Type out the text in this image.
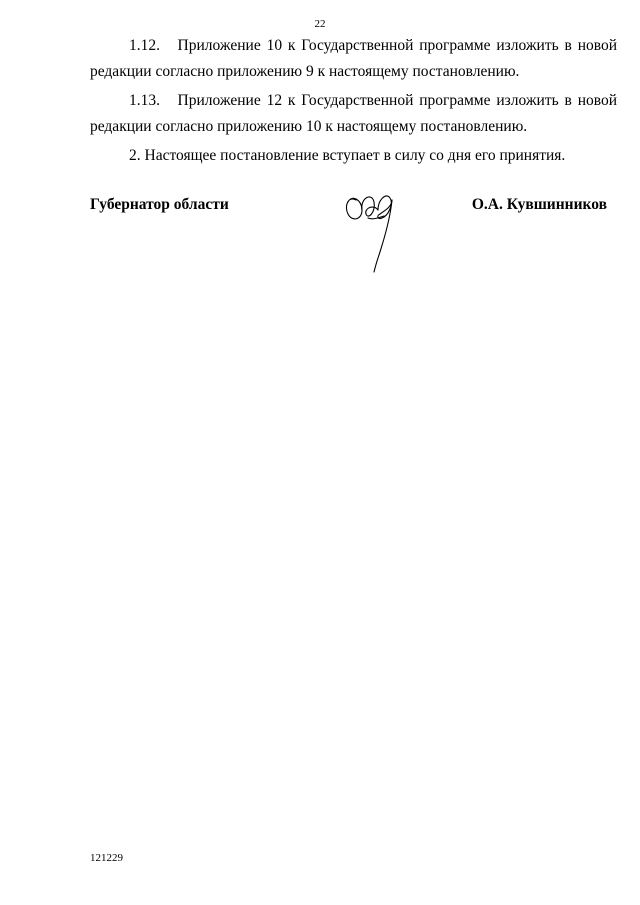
22
1.12. Приложение 10 к Государственной программе изложить в новой редакции согласно приложению 9 к настоящему постановлению.
1.13. Приложение 12 к Государственной программе изложить в новой редакции согласно приложению 10 к настоящему постановлению.
2. Настоящее постановление вступает в силу со дня его принятия.
Губернатор области	О.А. Кувшинников
121229
